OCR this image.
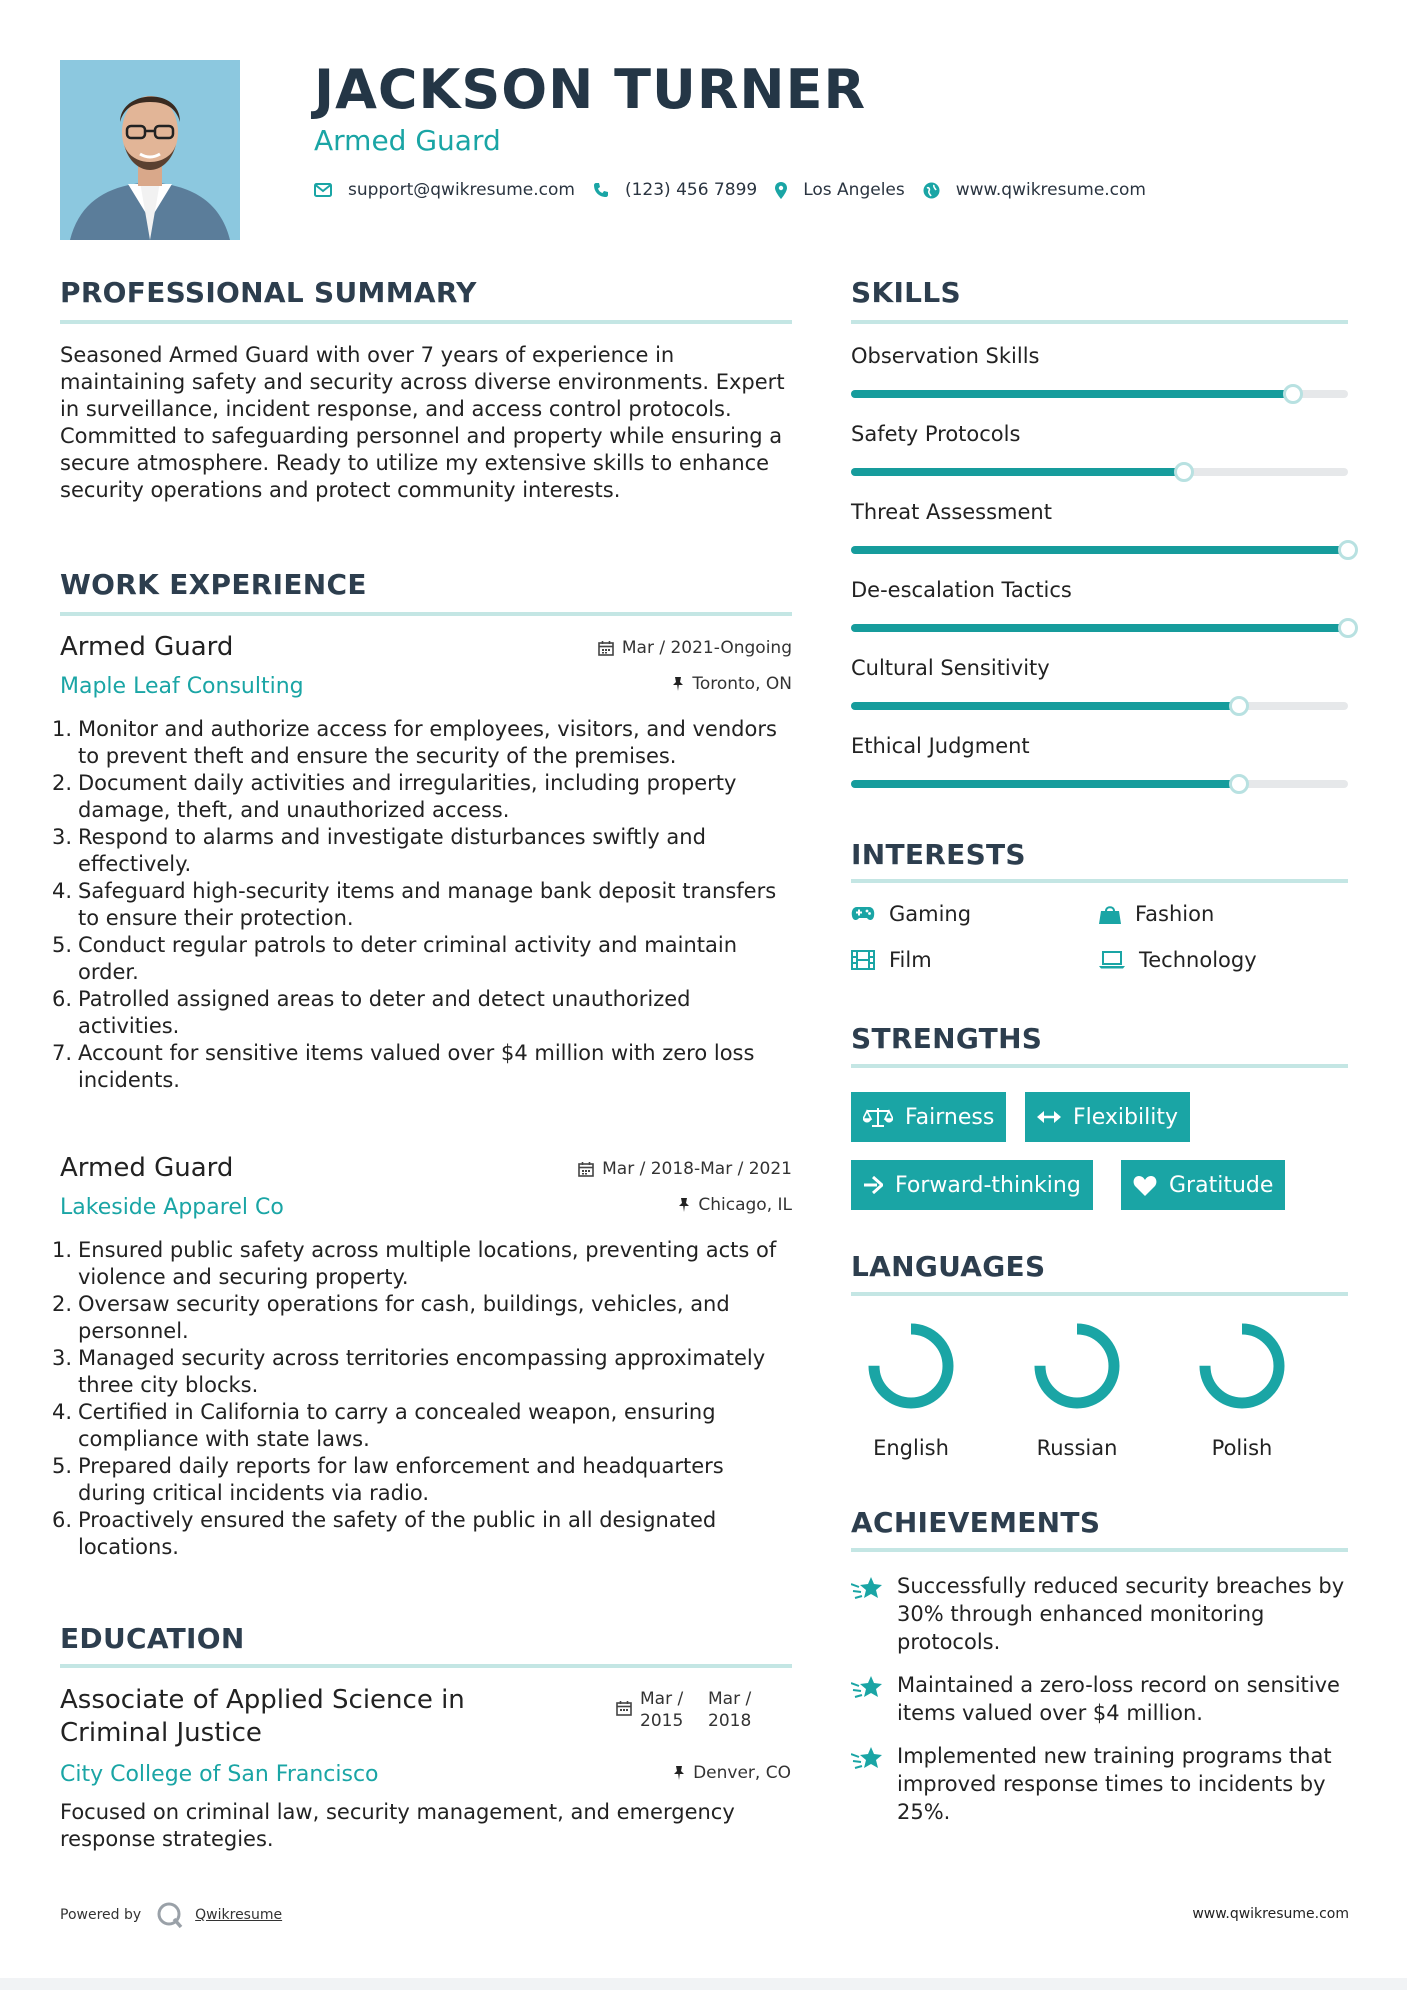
JACKSON TURNER
Armed Guard
support@qwikresume.com	(123) 456 7899	Los Angeles	www.qwikresume.com
PROFESSIONAL SUMMARY
Seasoned Armed Guard with over 7 years of experience in maintaining safety and security across diverse environments. Expert in surveillance, incident response, and access control protocols. Committed to safeguarding personnel and property while ensuring a secure atmosphere. Ready to utilize my extensive skills to enhance security operations and protect community interests.
WORK EXPERIENCE
Armed Guard
Maple Leaf Consulting
Mar / 2021-Ongoing
Toronto, ON
Monitor and authorize access for employees, visitors, and vendors to prevent theft and ensure the security of the premises.
Document daily activities and irregularities, including property damage, theft, and unauthorized access.
Respond to alarms and investigate disturbances swiftly and effectively.
Safeguard high-security items and manage bank deposit transfers to ensure their protection.
Conduct regular patrols to deter criminal activity and maintain order.
Patrolled assigned areas to deter and detect unauthorized activities.
Account for sensitive items valued over $4 million with zero loss incidents.
Armed Guard
Lakeside Apparel Co
Mar / 2018-Mar / 2021
Chicago, IL
Ensured public safety across multiple locations, preventing acts of violence and securing property.
Oversaw security operations for cash, buildings, vehicles, and personnel.
Managed security across territories encompassing approximately three city blocks.
Certified in California to carry a concealed weapon, ensuring compliance with state laws.
Prepared daily reports for law enforcement and headquarters during critical incidents via radio.
Proactively ensured the safety of the public in all designated locations.
EDUCATION
Associate of Applied Science in Criminal Justice
Mar / 2015
Mar / 2018
City College of San Francisco	Denver, CO
Focused on criminal law, security management, and emergency response strategies.
SKILLS
Observation Skills
Safety Protocols
Threat Assessment
De-escalation Tactics
Cultural Sensitivity
Ethical Judgment
INTERESTS
Gaming	Fashion
Film	Technology
STRENGTHS
Fairness	Flexibility
Forward-thinking	Gratitude
LANGUAGES
English	Russian	Polish
ACHIEVEMENTS
Successfully reduced security breaches by 30% through enhanced monitoring protocols.
Maintained a zero-loss record on sensitive items valued over $4 million.
Implemented new training programs that improved response times to incidents by 25%.
Powered by	Qwikresume	www.qwikresume.com
